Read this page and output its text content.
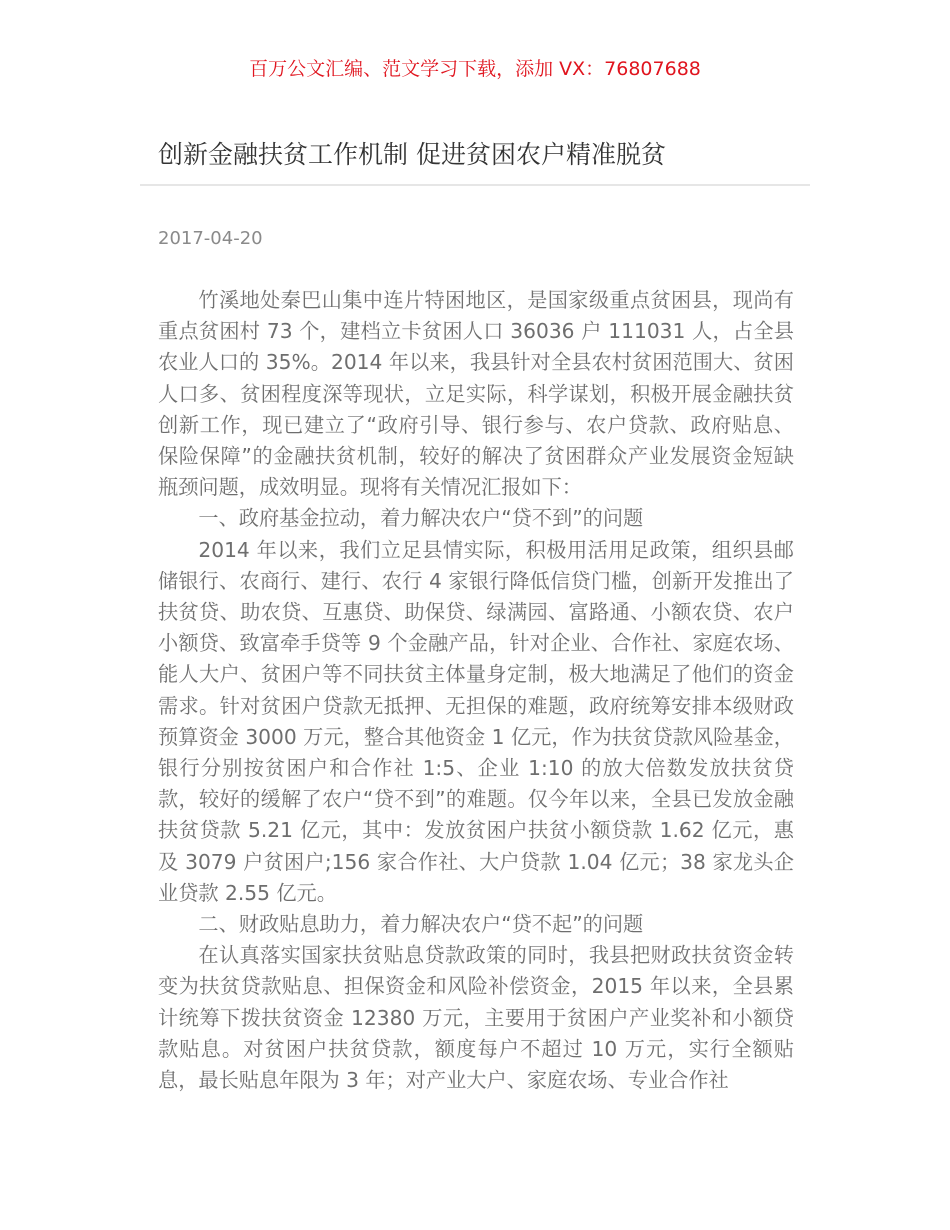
百万公文汇编、范文学习下载，添加 VX：76807688
创新金融扶贫工作机制 促进贫困农户精准脱贫
2017-04-20

竹溪地处秦巴山集中连片特困地区，是国家级重点贫困县，现尚有重点贫困村 73 个，建档立卡贫困人口 36036 户 111031 人，占全县农业人口的 35%。2014 年以来，我县针对全县农村贫困范围大、贫困人口多、贫困程度深等现状，立足实际，科学谋划，积极开展金融扶贫创新工作，现已建立了“政府引导、银行参与、农户贷款、政府贴息、保险保障”的金融扶贫机制，较好的解决了贫困群众产业发展资金短缺瓶颈问题，成效明显。现将有关情况汇报如下：

一、政府基金拉动，着力解决农户“贷不到”的问题

2014 年以来，我们立足县情实际，积极用活用足政策，组织县邮储银行、农商行、建行、农行 4 家银行降低信贷门槛，创新开发推出了扶贫贷、助农贷、互惠贷、助保贷、绿满园、富路通、小额农贷、农户小额贷、致富牵手贷等 9 个金融产品，针对企业、合作社、家庭农场、能人大户、贫困户等不同扶贫主体量身定制，极大地满足了他们的资金需求。针对贫困户贷款无抵押、无担保的难题，政府统筹安排本级财政预算资金 3000 万元，整合其他资金 1 亿元，作为扶贫贷款风险基金，银行分别按贫困户和合作社 1:5、企业 1:10 的放大倍数发放扶贫贷款，较好的缓解了农户“贷不到”的难题。仅今年以来，全县已发放金融扶贫贷款 5.21 亿元，其中：发放贫困户扶贫小额贷款 1.62 亿元，惠及 3079 户贫困户;156 家合作社、大户贷款 1.04 亿元；38 家龙头企业贷款 2.55 亿元。

二、财政贴息助力，着力解决农户“贷不起”的问题

在认真落实国家扶贫贴息贷款政策的同时，我县把财政扶贫资金转变为扶贫贷款贴息、担保资金和风险补偿资金，2015 年以来，全县累计统筹下拨扶贫资金 12380 万元，主要用于贫困户产业奖补和小额贷款贴息。对贫困户扶贫贷款，额度每户不超过 10 万元，实行全额贴息，最长贴息年限为 3 年；对产业大户、家庭农场、专业合作社
